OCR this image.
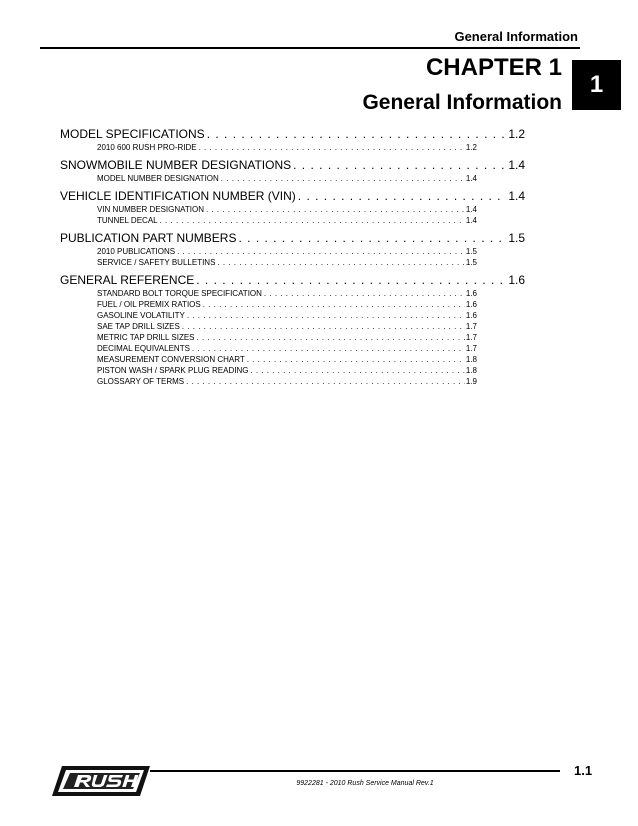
General Information
CHAPTER 1
General Information
1
MODEL SPECIFICATIONS . . .	1.2
2010 600 RUSH PRO-RIDE . . .	1.2
SNOWMOBILE NUMBER DESIGNATIONS . . .	1.4
MODEL NUMBER DESIGNATION . . .	1.4
VEHICLE IDENTIFICATION NUMBER (VIN) . . .	1.4
VIN NUMBER DESIGNATION . . .	1.4
TUNNEL DECAL . . .	1.4
PUBLICATION PART NUMBERS . . .	1.5
2010 PUBLICATIONS . . .	1.5
SERVICE / SAFETY BULLETINS . . .	1.5
GENERAL REFERENCE . . .	1.6
STANDARD BOLT TORQUE SPECIFICATION . . .	1.6
FUEL / OIL PREMIX RATIOS . . .	1.6
GASOLINE VOLATILITY . . .	1.6
SAE TAP DRILL SIZES . . .	1.7
METRIC TAP DRILL SIZES . . .	1.7
DECIMAL EQUIVALENTS . . .	1.7
MEASUREMENT CONVERSION CHART . . .	1.8
PISTON WASH / SPARK PLUG READING . . .	1.8
GLOSSARY OF TERMS . . .	1.9
9922281 - 2010 Rush Service Manual Rev.1
1.1
